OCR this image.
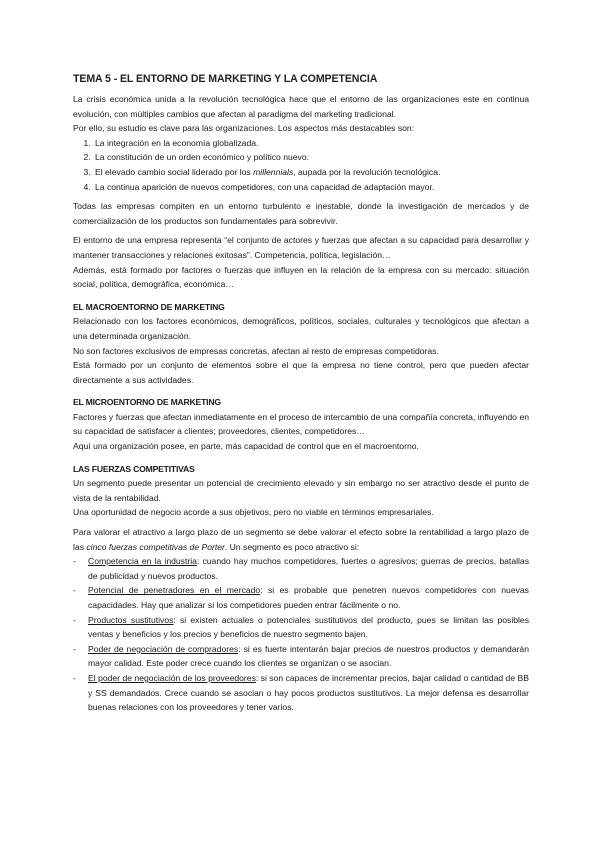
TEMA 5 - EL ENTORNO DE MARKETING Y LA COMPETENCIA

La crisis económica unida a la revolución tecnológica hace que el entorno de las organizaciones este en continua evolución, con múltiples cambios que afectan al paradigma del marketing tradicional.

Por ello, su estudio es clave para las organizaciones. Los aspectos más destacables son:

1. La integración en la economía globalizada.
2. La constitución de un orden económico y político nuevo.
3. El elevado cambio social liderado por los millennials, aupada por la revolución tecnológica.
4. La continua aparición de nuevos competidores, con una capacidad de adaptación mayor.

Todas las empresas compiten en un entorno turbulento e inestable, donde la investigación de mercados y de comercialización de los productos son fundamentales para sobrevivir.

El entorno de una empresa representa “el conjunto de actores y fuerzas que afectan a su capacidad para desarrollar y mantener transacciones y relaciones exitosas”. Competencia, política, legislación…

Además, está formado por factores o fuerzas que influyen en la relación de la empresa con su mercado: situación social, política, demográfica, económica…

EL MACROENTORNO DE MARKETING

Relacionado con los factores económicos, demográficos, políticos, sociales, culturales y tecnológicos que afectan a una determinada organización.

No son factores exclusivos de empresas concretas, afectan al resto de empresas competidoras.

Está formado por un conjunto de elementos sobre el que la empresa no tiene control, pero que pueden afectar directamente a sus actividades.

EL MICROENTORNO DE MARKETING

Factores y fuerzas que afectan inmediatamente en el proceso de intercambio de una compañía concreta, influyendo en su capacidad de satisfacer a clientes; proveedores, clientes, competidores…

Aquí una organización posee, en parte, más capacidad de control que en el macroentorno.

LAS FUERZAS COMPETITIVAS

Un segmento puede presentar un potencial de crecimiento elevado y sin embargo no ser atractivo desde el punto de vista de la rentabilidad.

Una oportunidad de negocio acorde a sus objetivos, pero no viable en términos empresariales.

Para valorar el atractivo a largo plazo de un segmento se debe valorar el efecto sobre la rentabilidad a largo plazo de las cinco fuerzas competitivas de Porter. Un segmento es poco atractivo si:

- Competencia en la industria: cuando hay muchos competidores, fuertes o agresivos; guerras de precios, batallas de publicidad y nuevos productos.
- Potencial de penetradores en el mercado: si es probable que penetren nuevos competidores con nuevas capacidades. Hay que analizar si los competidores pueden entrar fácilmente o no.
- Productos sustitutivos: si existen actuales o potenciales sustitutivos del producto, pues se limitan las posibles ventas y beneficios y los precios y beneficios de nuestro segmento bajen.
- Poder de negociación de compradores: si es fuerte intentarán bajar precios de nuestros productos y demandarán mayor calidad. Este poder crece cuando los clientes se organizan o se asocian.
- El poder de negociación de los proveedores: si son capaces de incrementar precios, bajar calidad o cantidad de BB y SS demandados. Crece cuando se asocian o hay pocos productos sustitutivos. La mejor defensa es desarrollar buenas relaciones con los proveedores y tener varios.
